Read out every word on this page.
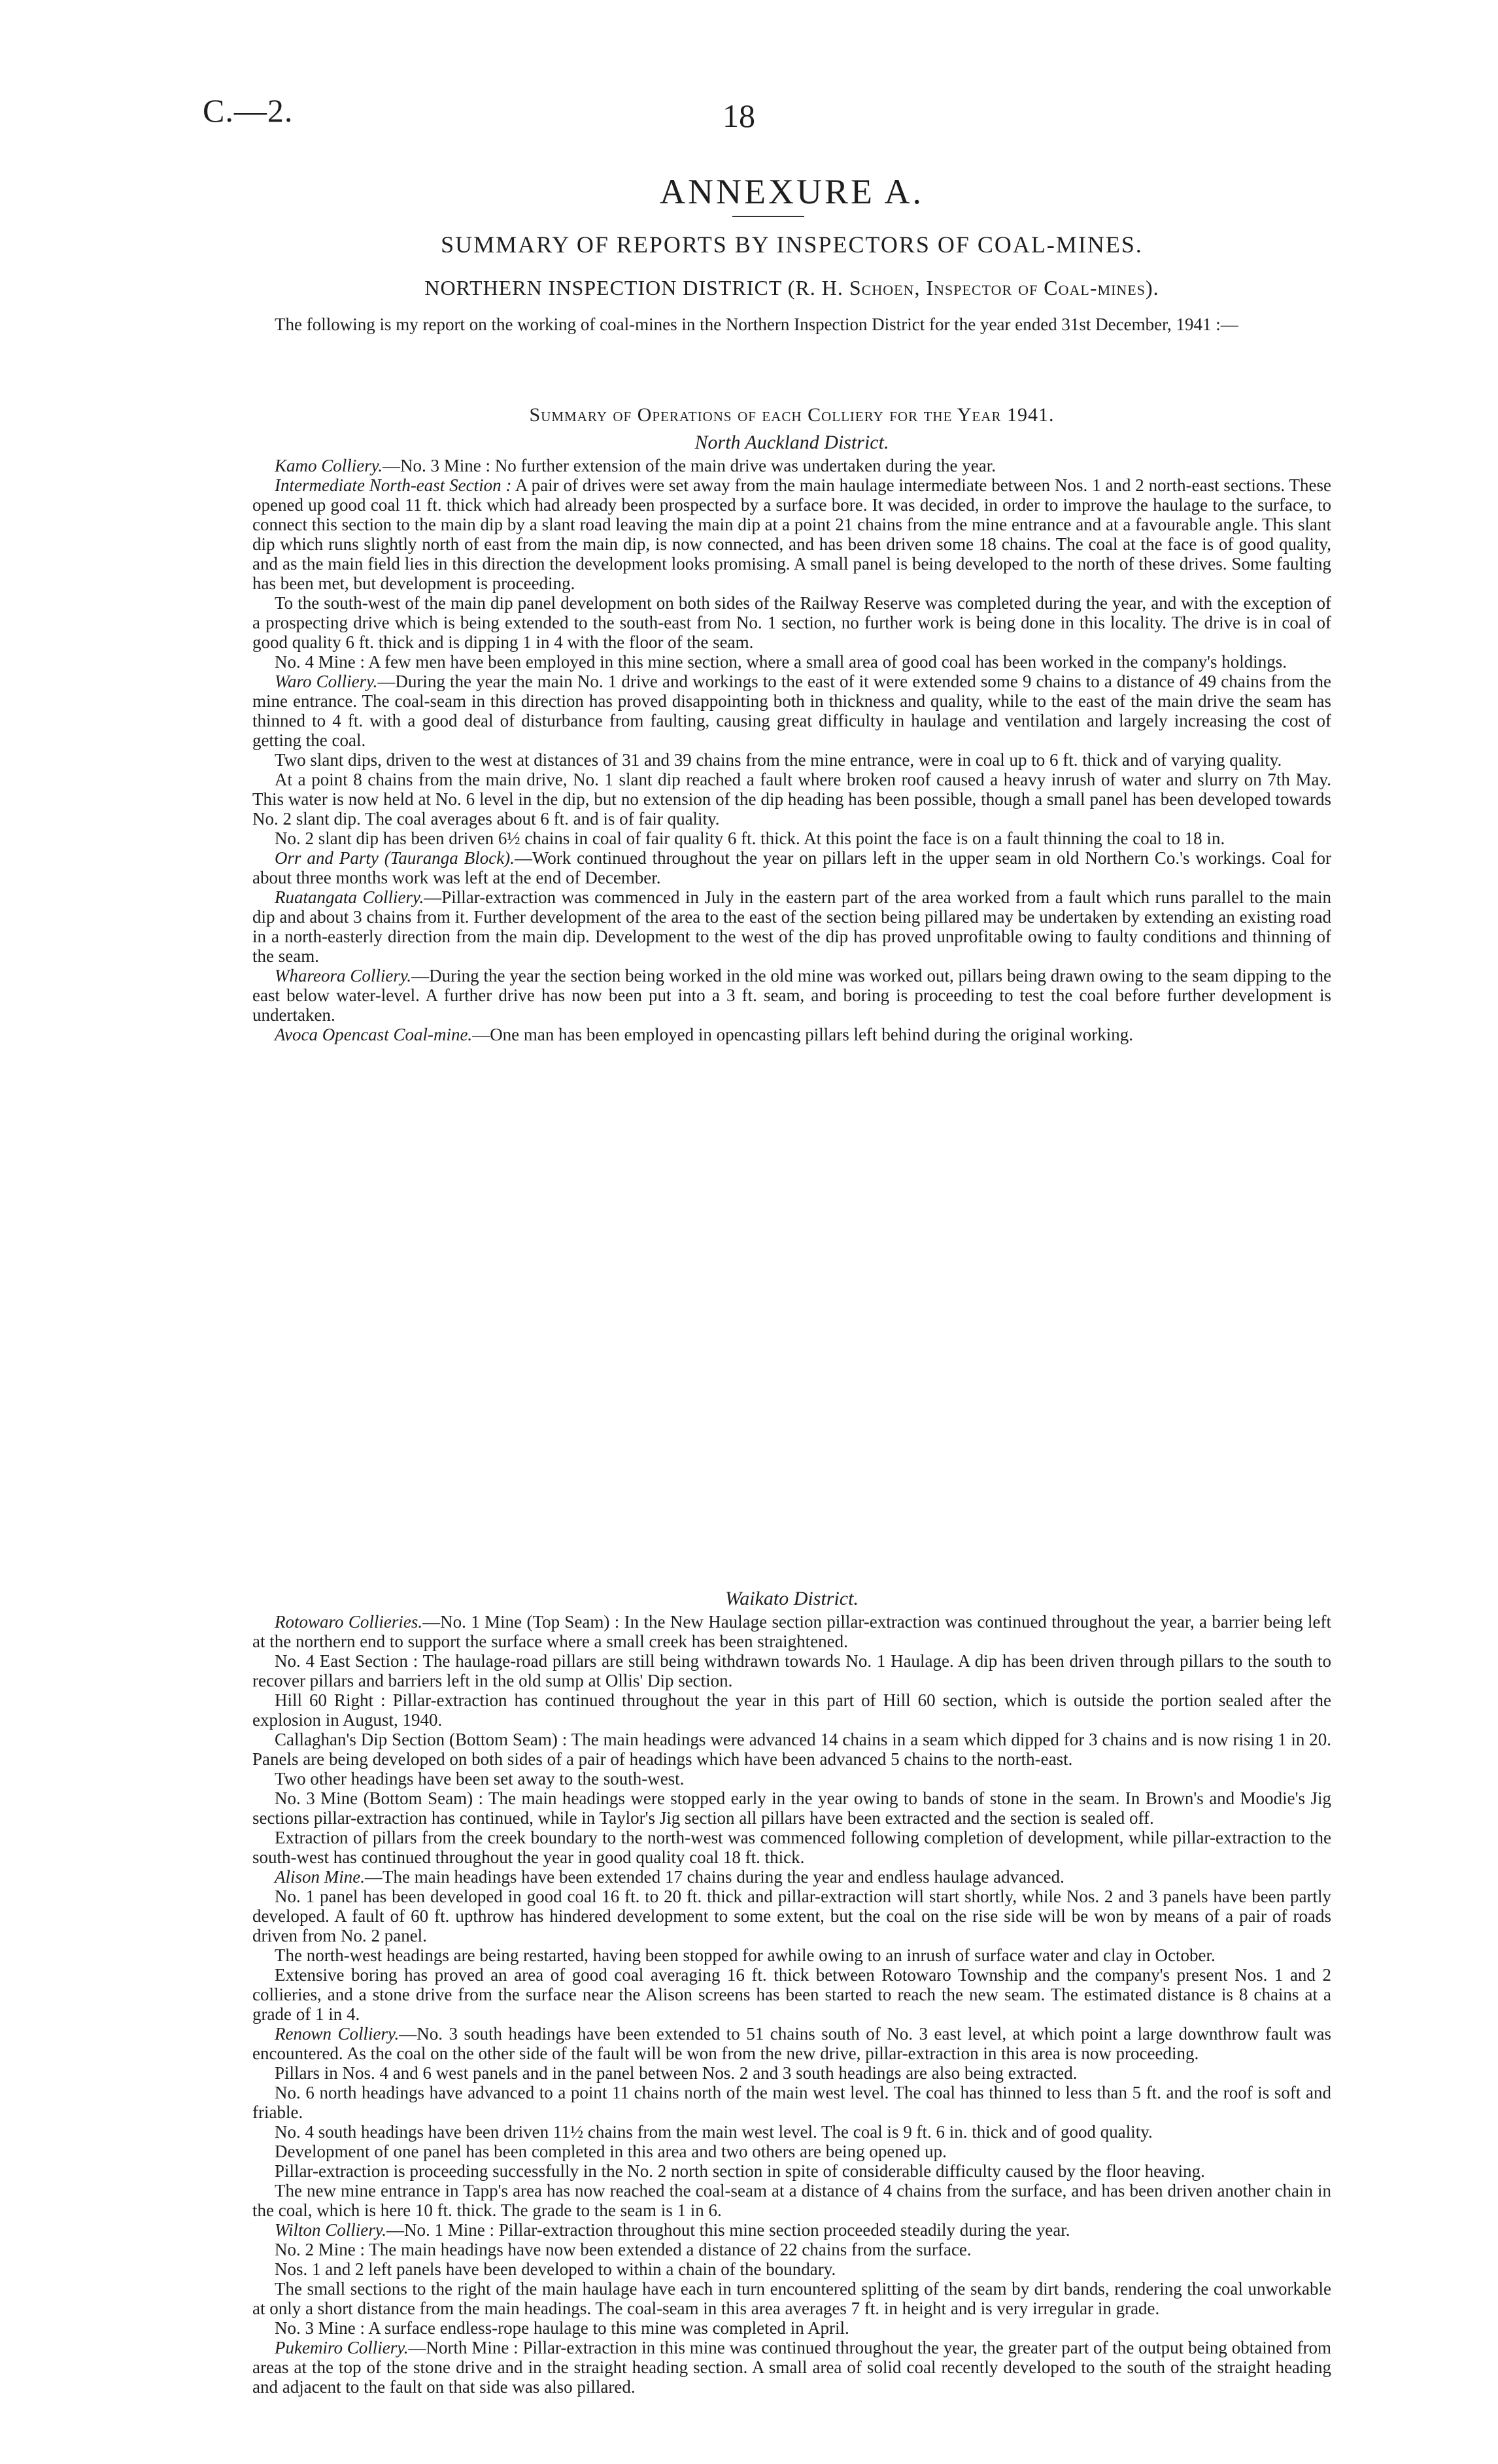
C.—2.	18
ANNEXURE A.
SUMMARY OF REPORTS BY INSPECTORS OF COAL-MINES.
NORTHERN INSPECTION DISTRICT (R. H. Schoen, Inspector of Coal-mines).

The following is my report on the working of coal-mines in the Northern Inspection District for the year ended 31st December, 1941 :—

Summary of Operations of each Colliery for the Year 1941.
North Auckland District.

Kamo Colliery.—No. 3 Mine : No further extension of the main drive was undertaken during the year.

Intermediate North-east Section : A pair of drives were set away from the main haulage intermediate between Nos. 1 and 2 north-east sections. These opened up good coal 11 ft. thick which had already been prospected by a surface bore. It was decided, in order to improve the haulage to the surface, to connect this section to the main dip by a slant road leaving the main dip at a point 21 chains from the mine entrance and at a favourable angle. This slant dip which runs slightly north of east from the main dip, is now connected, and has been driven some 18 chains. The coal at the face is of good quality, and as the main field lies in this direction the development looks promising. A small panel is being developed to the north of these drives. Some faulting has been met, but development is proceeding.

To the south-west of the main dip panel development on both sides of the Railway Reserve was completed during the year, and with the exception of a prospecting drive which is being extended to the south-east from No. 1 section, no further work is being done in this locality. The drive is in coal of good quality 6 ft. thick and is dipping 1 in 4 with the floor of the seam.

No. 4 Mine : A few men have been employed in this mine section, where a small area of good coal has been worked in the company's holdings.

Waro Colliery.—During the year the main No. 1 drive and workings to the east of it were extended some 9 chains to a distance of 49 chains from the mine entrance. The coal-seam in this direction has proved disappointing both in thickness and quality, while to the east of the main drive the seam has thinned to 4 ft. with a good deal of disturbance from faulting, causing great difficulty in haulage and ventilation and largely increasing the cost of getting the coal.

Two slant dips, driven to the west at distances of 31 and 39 chains from the mine entrance, were in coal up to 6 ft. thick and of varying quality.

At a point 8 chains from the main drive, No. 1 slant dip reached a fault where broken roof caused a heavy inrush of water and slurry on 7th May. This water is now held at No. 6 level in the dip, but no extension of the dip heading has been possible, though a small panel has been developed towards No. 2 slant dip. The coal averages about 6 ft. and is of fair quality.

No. 2 slant dip has been driven 6½ chains in coal of fair quality 6 ft. thick. At this point the face is on a fault thinning the coal to 18 in.

Orr and Party (Tauranga Block).—Work continued throughout the year on pillars left in the upper seam in old Northern Co.'s workings. Coal for about three months work was left at the end of December.

Ruatangata Colliery.—Pillar-extraction was commenced in July in the eastern part of the area worked from a fault which runs parallel to the main dip and about 3 chains from it. Further development of the area to the east of the section being pillared may be undertaken by extending an existing road in a north-easterly direction from the main dip. Development to the west of the dip has proved unprofitable owing to faulty conditions and thinning of the seam.

Whareora Colliery.—During the year the section being worked in the old mine was worked out, pillars being drawn owing to the seam dipping to the east below water-level. A further drive has now been put into a 3 ft. seam, and boring is proceeding to test the coal before further development is undertaken.

Avoca Opencast Coal-mine.—One man has been employed in opencasting pillars left behind during the original working.

Waikato District.

Rotowaro Collieries.—No. 1 Mine (Top Seam) : In the New Haulage section pillar-extraction was continued throughout the year, a barrier being left at the northern end to support the surface where a small creek has been straightened.

No. 4 East Section : The haulage-road pillars are still being withdrawn towards No. 1 Haulage. A dip has been driven through pillars to the south to recover pillars and barriers left in the old sump at Ollis' Dip section.

Hill 60 Right : Pillar-extraction has continued throughout the year in this part of Hill 60 section, which is outside the portion sealed after the explosion in August, 1940.

Callaghan's Dip Section (Bottom Seam) : The main headings were advanced 14 chains in a seam which dipped for 3 chains and is now rising 1 in 20. Panels are being developed on both sides of a pair of headings which have been advanced 5 chains to the north-east.

Two other headings have been set away to the south-west.

No. 3 Mine (Bottom Seam) : The main headings were stopped early in the year owing to bands of stone in the seam. In Brown's and Moodie's Jig sections pillar-extraction has continued, while in Taylor's Jig section all pillars have been extracted and the section is sealed off.

Extraction of pillars from the creek boundary to the north-west was commenced following completion of development, while pillar-extraction to the south-west has continued throughout the year in good quality coal 18 ft. thick.

Alison Mine.—The main headings have been extended 17 chains during the year and endless haulage advanced.

No. 1 panel has been developed in good coal 16 ft. to 20 ft. thick and pillar-extraction will start shortly, while Nos. 2 and 3 panels have been partly developed. A fault of 60 ft. upthrow has hindered development to some extent, but the coal on the rise side will be won by means of a pair of roads driven from No. 2 panel.

The north-west headings are being restarted, having been stopped for awhile owing to an inrush of surface water and clay in October.

Extensive boring has proved an area of good coal averaging 16 ft. thick between Rotowaro Township and the company's present Nos. 1 and 2 collieries, and a stone drive from the surface near the Alison screens has been started to reach the new seam. The estimated distance is 8 chains at a grade of 1 in 4.

Renown Colliery.—No. 3 south headings have been extended to 51 chains south of No. 3 east level, at which point a large downthrow fault was encountered. As the coal on the other side of the fault will be won from the new drive, pillar-extraction in this area is now proceeding.

Pillars in Nos. 4 and 6 west panels and in the panel between Nos. 2 and 3 south headings are also being extracted.

No. 6 north headings have advanced to a point 11 chains north of the main west level. The coal has thinned to less than 5 ft. and the roof is soft and friable.

No. 4 south headings have been driven 11½ chains from the main west level. The coal is 9 ft. 6 in. thick and of good quality.

Development of one panel has been completed in this area and two others are being opened up.

Pillar-extraction is proceeding successfully in the No. 2 north section in spite of considerable difficulty caused by the floor heaving.

The new mine entrance in Tapp's area has now reached the coal-seam at a distance of 4 chains from the surface, and has been driven another chain in the coal, which is here 10 ft. thick. The grade to the seam is 1 in 6.

Wilton Colliery.—No. 1 Mine : Pillar-extraction throughout this mine section proceeded steadily during the year.

No. 2 Mine : The main headings have now been extended a distance of 22 chains from the surface.

Nos. 1 and 2 left panels have been developed to within a chain of the boundary.

The small sections to the right of the main haulage have each in turn encountered splitting of the seam by dirt bands, rendering the coal unworkable at only a short distance from the main headings. The coal-seam in this area averages 7 ft. in height and is very irregular in grade.

No. 3 Mine : A surface endless-rope haulage to this mine was completed in April.

Pukemiro Colliery.—North Mine : Pillar-extraction in this mine was continued throughout the year, the greater part of the output being obtained from areas at the top of the stone drive and in the straight heading section. A small area of solid coal recently developed to the south of the straight heading and adjacent to the fault on that side was also pillared.
